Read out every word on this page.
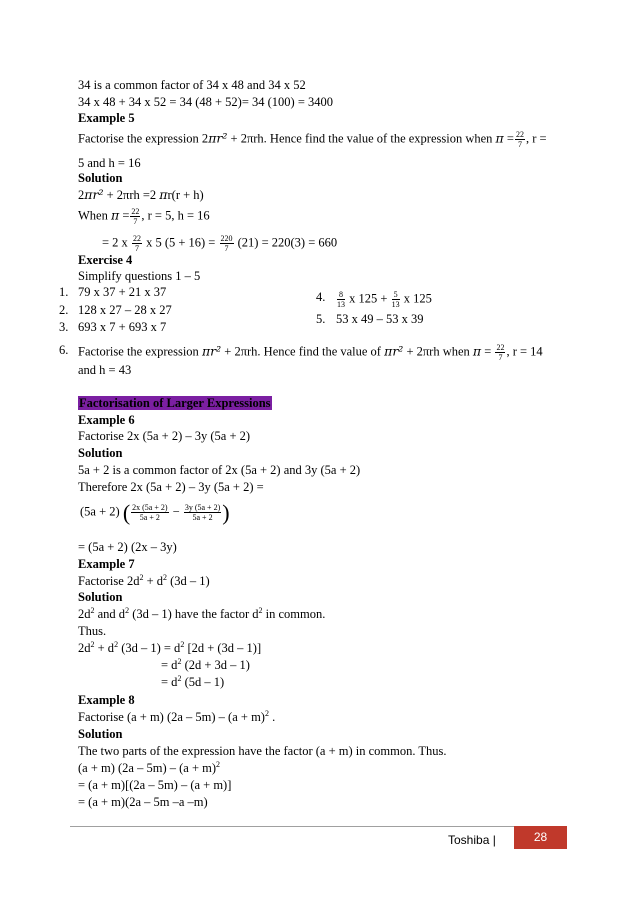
34 is a common factor of 34 x 48 and 34 x 52
34 x 48 + 34 x 52 = 34 (48 + 52)= 34 (100) = 3400
Example 5
Factorise the expression 2πr² + 2πrh. Hence find the value of the expression when $\pi = \frac{22}{7}$ , r =
5 and h = 16
Solution
2πr² + 2πrh =2 πr(r + h)
When $\pi = \frac{22}{7}$ , r = 5, h = 16
= 2 x $\frac{22}{7}$ x 5 $(5 + 16) = \frac{220}{7} (21) = 220(3) = 660$
Exercise 4
Simplify questions 1 – 5
1. 79 x 37 + 21 x 37
2. 128 x 27 – 28 x 27
3. 693 x 7 + 693 x 7
4. $\frac{8}{13}$ x $125 + \frac{5}{13}$ x 125
5. 53 x 49 – 53 x 39
6. Factorise the expression πr² + 2πrh. Hence find the value of πr² + 2πrh when $\pi = \frac{22}{7}$ , r = 14
and h = 43
Factorisation of Larger Expressions
Example 6
Factorise 2x (5a + 2) – 3y (5a + 2)
Solution
5a + 2 is a common factor of 2x (5a + 2) and 3y (5a + 2)
Therefore 2x (5a + 2) – 3y (5a + 2) =
(5a + 2) ( $\frac{2x (5a + 2)}{5a + 2} - \frac{3y (5a + 2)}{5a + 2}$ )
= (5a + 2) (2x – 3y)
Example 7
Factorise $2d^2 + d^2$ (3d – 1)
Solution
$2d^2$ and $d^2$ (3d – 1) have the factor $d^2$ in common.
Thus.
$2d^2 + d^2$ $(3d - 1) = d^2$ [2d + (3d – 1)]
= $d^2$ (2d + 3d – 1)
= $d^2$ (5d – 1)
Example 8
Factorise (a + m) $(2a - 5m) - (a + m)^2$ .
Solution
The two parts of the expression have the factor (a + m) in common. Thus.
(a + m) $(2a - 5m) - (a + m)^2$
= (a + m)[(2a – 5m) – (a + m)]
= (a + m)(2a – 5m –a –m)
Toshiba |	28
